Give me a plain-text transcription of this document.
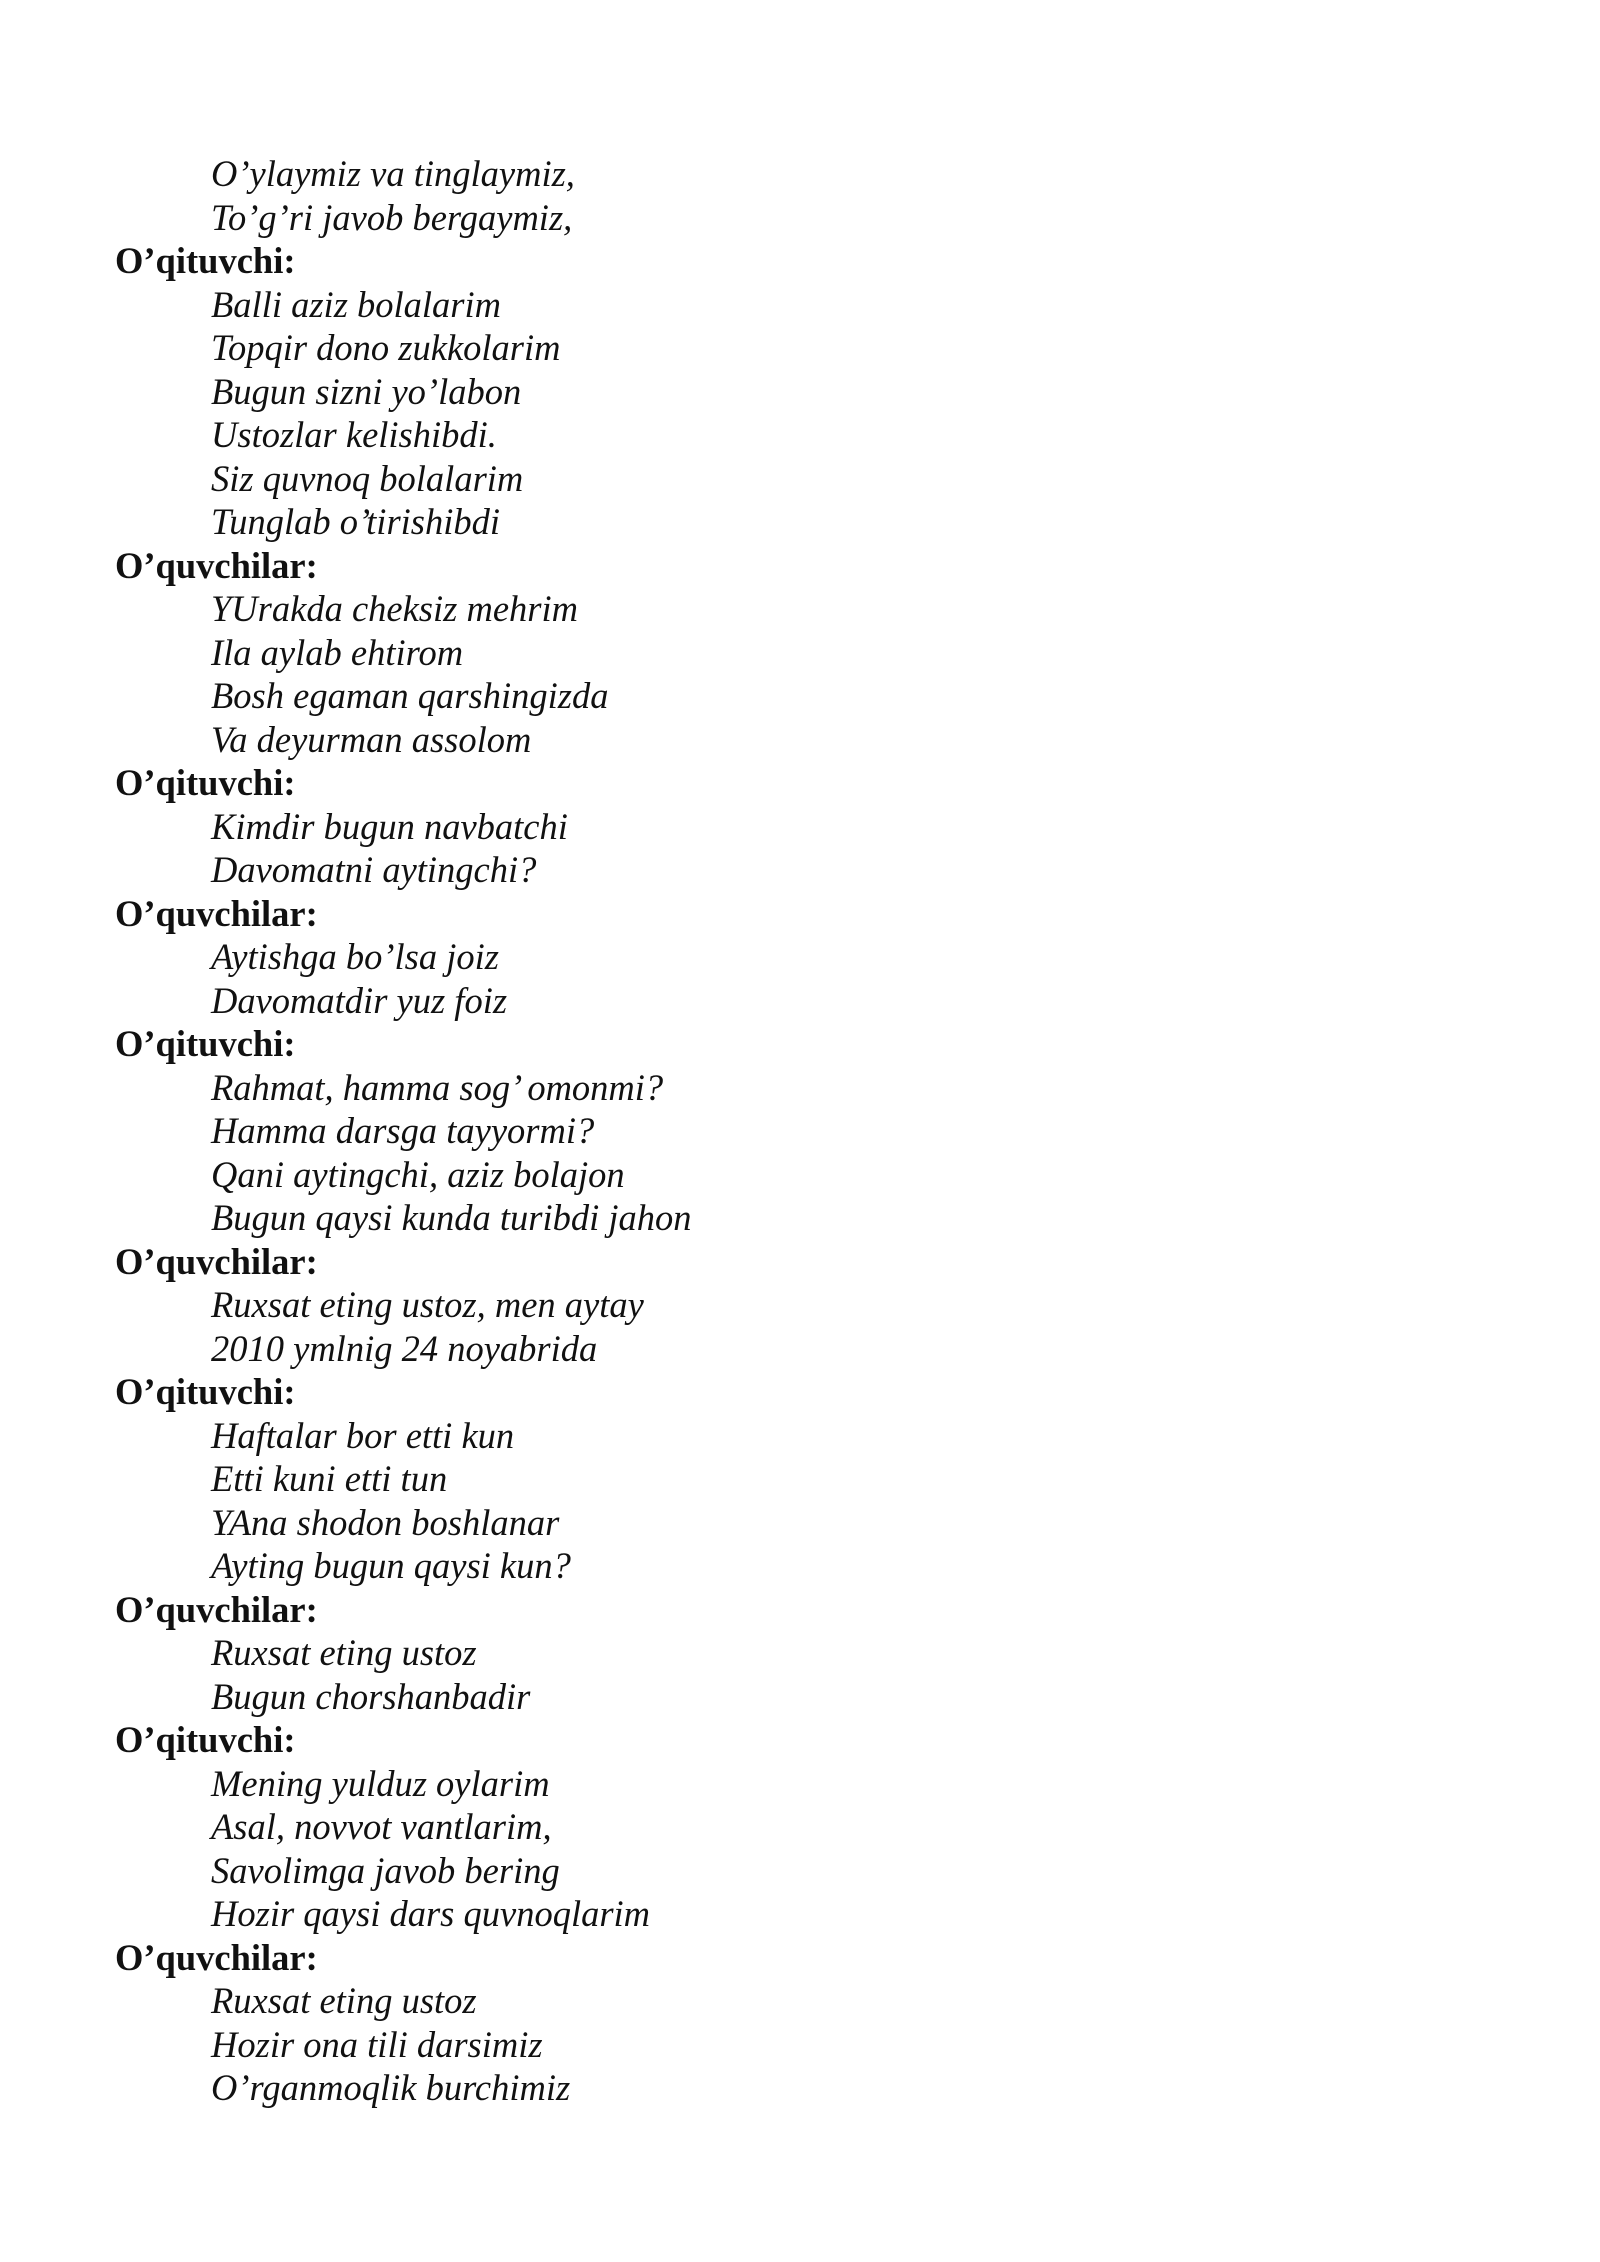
O’ylaymiz va tinglaymiz,
To’g’ri javob bergaymiz,
O’qituvchi:
Balli aziz bolalarim
Topqir dono zukkolarim
Bugun sizni yo’labon
Ustozlar kelishibdi.
Siz quvnoq bolalarim
Tunglab o’tirishibdi
O’quvchilar:
YUrakda cheksiz mehrim
Ila aylab ehtirom
Bosh egaman qarshingizda
Va deyurman assolom
O’qituvchi:
Kimdir bugun navbatchi
Davomatni aytingchi?
O’quvchilar:
Aytishga bo’lsa joiz
Davomatdir yuz foiz
O’qituvchi:
Rahmat, hamma sog’ omonmi?
Hamma darsga tayyormi?
Qani aytingchi, aziz bolajon
Bugun qaysi kunda turibdi jahon
O’quvchilar:
Ruxsat eting ustoz, men aytay
2010 ymlnig 24 noyabrida
O’qituvchi:
Haftalar bor etti kun
Etti kuni etti tun
YAna shodon boshlanar
Ayting bugun qaysi kun?
O’quvchilar:
Ruxsat eting ustoz
Bugun chorshanbadir
O’qituvchi:
Mening yulduz oylarim
Asal, novvot vantlarim,
Savolimga javob bering
Hozir qaysi dars quvnoqlarim
O’quvchilar:
Ruxsat eting ustoz
Hozir ona tili darsimiz
O’rganmoqlik burchimiz
